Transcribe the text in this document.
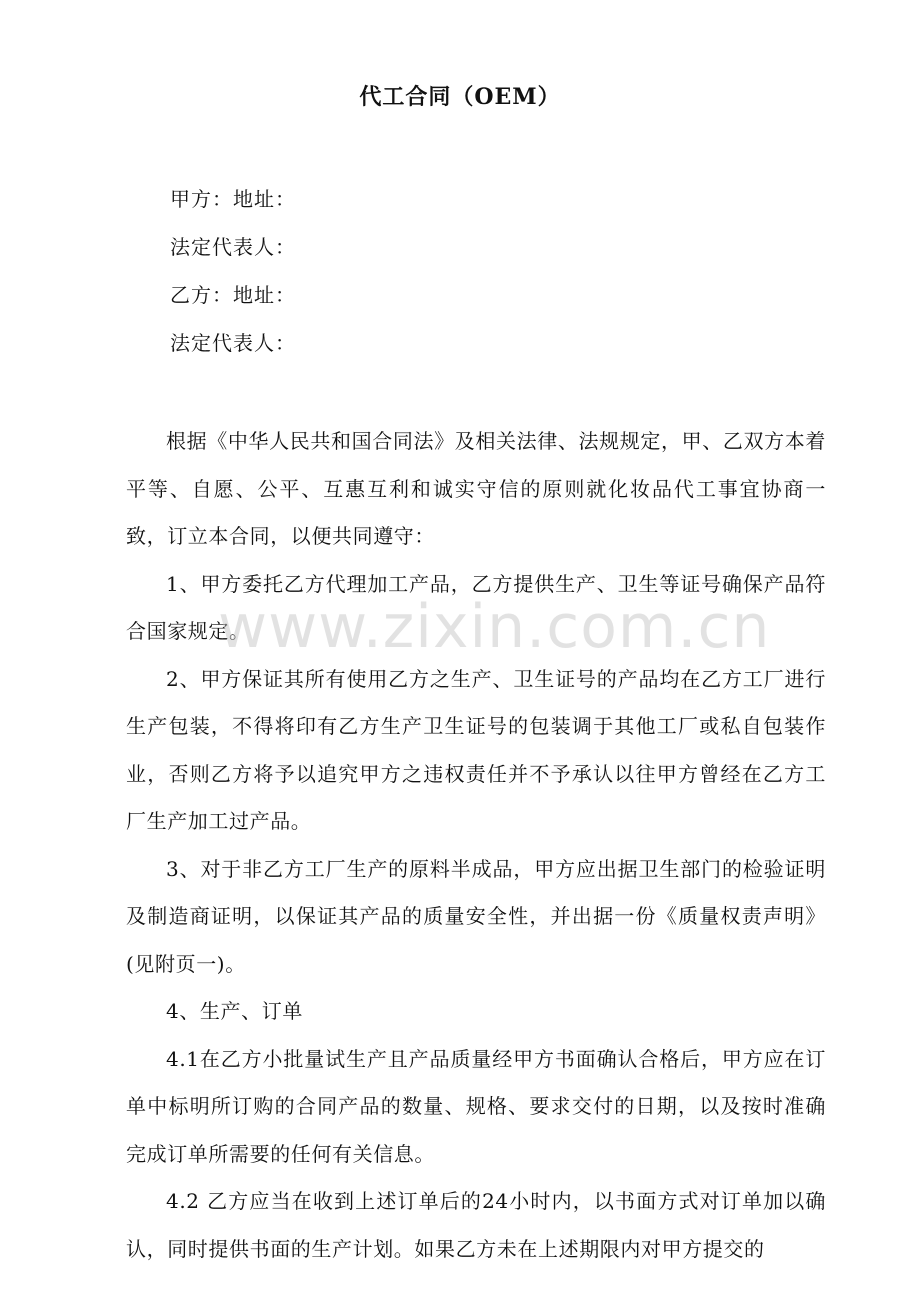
代工合同（OEM）
甲方：地址：
法定代表人：
乙方：地址：
法定代表人：

根据《中华人民共和国合同法》及相关法律、法规规定，甲、乙双方本着平等、自愿、公平、互惠互利和诚实守信的原则就化妆品代工事宜协商一致，订立本合同，以便共同遵守：

1、甲方委托乙方代理加工产品，乙方提供生产、卫生等证号确保产品符合国家规定。

2、甲方保证其所有使用乙方之生产、卫生证号的产品均在乙方工厂进行生产包装，不得将印有乙方生产卫生证号的包装调于其他工厂或私自包装作业，否则乙方将予以追究甲方之违权责任并不予承认以往甲方曾经在乙方工厂生产加工过产品。

3、对于非乙方工厂生产的原料半成品，甲方应出据卫生部门的检验证明及制造商证明，以保证其产品的质量安全性，并出据一份《质量权责声明》(见附页一)。

4、生产、订单

4.1在乙方小批量试生产且产品质量经甲方书面确认合格后，甲方应在订单中标明所订购的合同产品的数量、规格、要求交付的日期，以及按时准确完成订单所需要的任何有关信息。

4.2 乙方应当在收到上述订单后的24小时内，以书面方式对订单加以确认，同时提供书面的生产计划。如果乙方未在上述期限内对甲方提交的

www.zixin.com.cn
